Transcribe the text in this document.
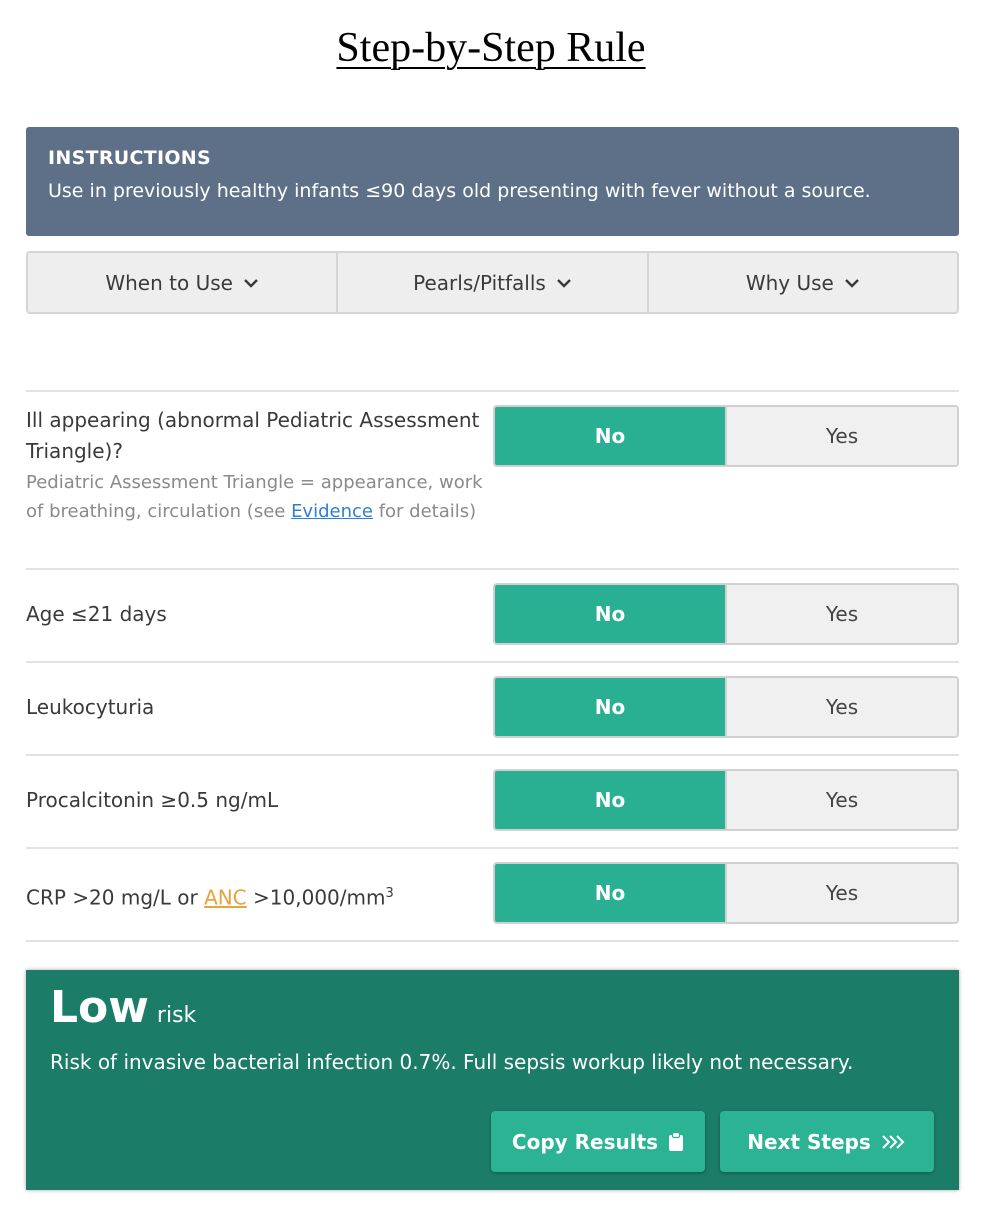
Step-by-Step Rule
INSTRUCTIONS
Use in previously healthy infants ≤90 days old presenting with fever without a source.
When to Use	Pearls/Pitfalls	Why Use
Ill appearing (abnormal Pediatric Assessment
Triangle)?
Pediatric Assessment Triangle = appearance, work of breathing, circulation (see Evidence for details)
No	Yes
Age ≤21 days	No	Yes
Leukocyturia	No	Yes
Procalcitonin ≥0.5 ng/mL	No	Yes
CRP >20 mg/L or ANC $>10,000/mm^3$	No	Yes
Low risk
Risk of invasive bacterial infection 0.7%. Full sepsis workup likely not necessary.
Copy Results	Next Steps
